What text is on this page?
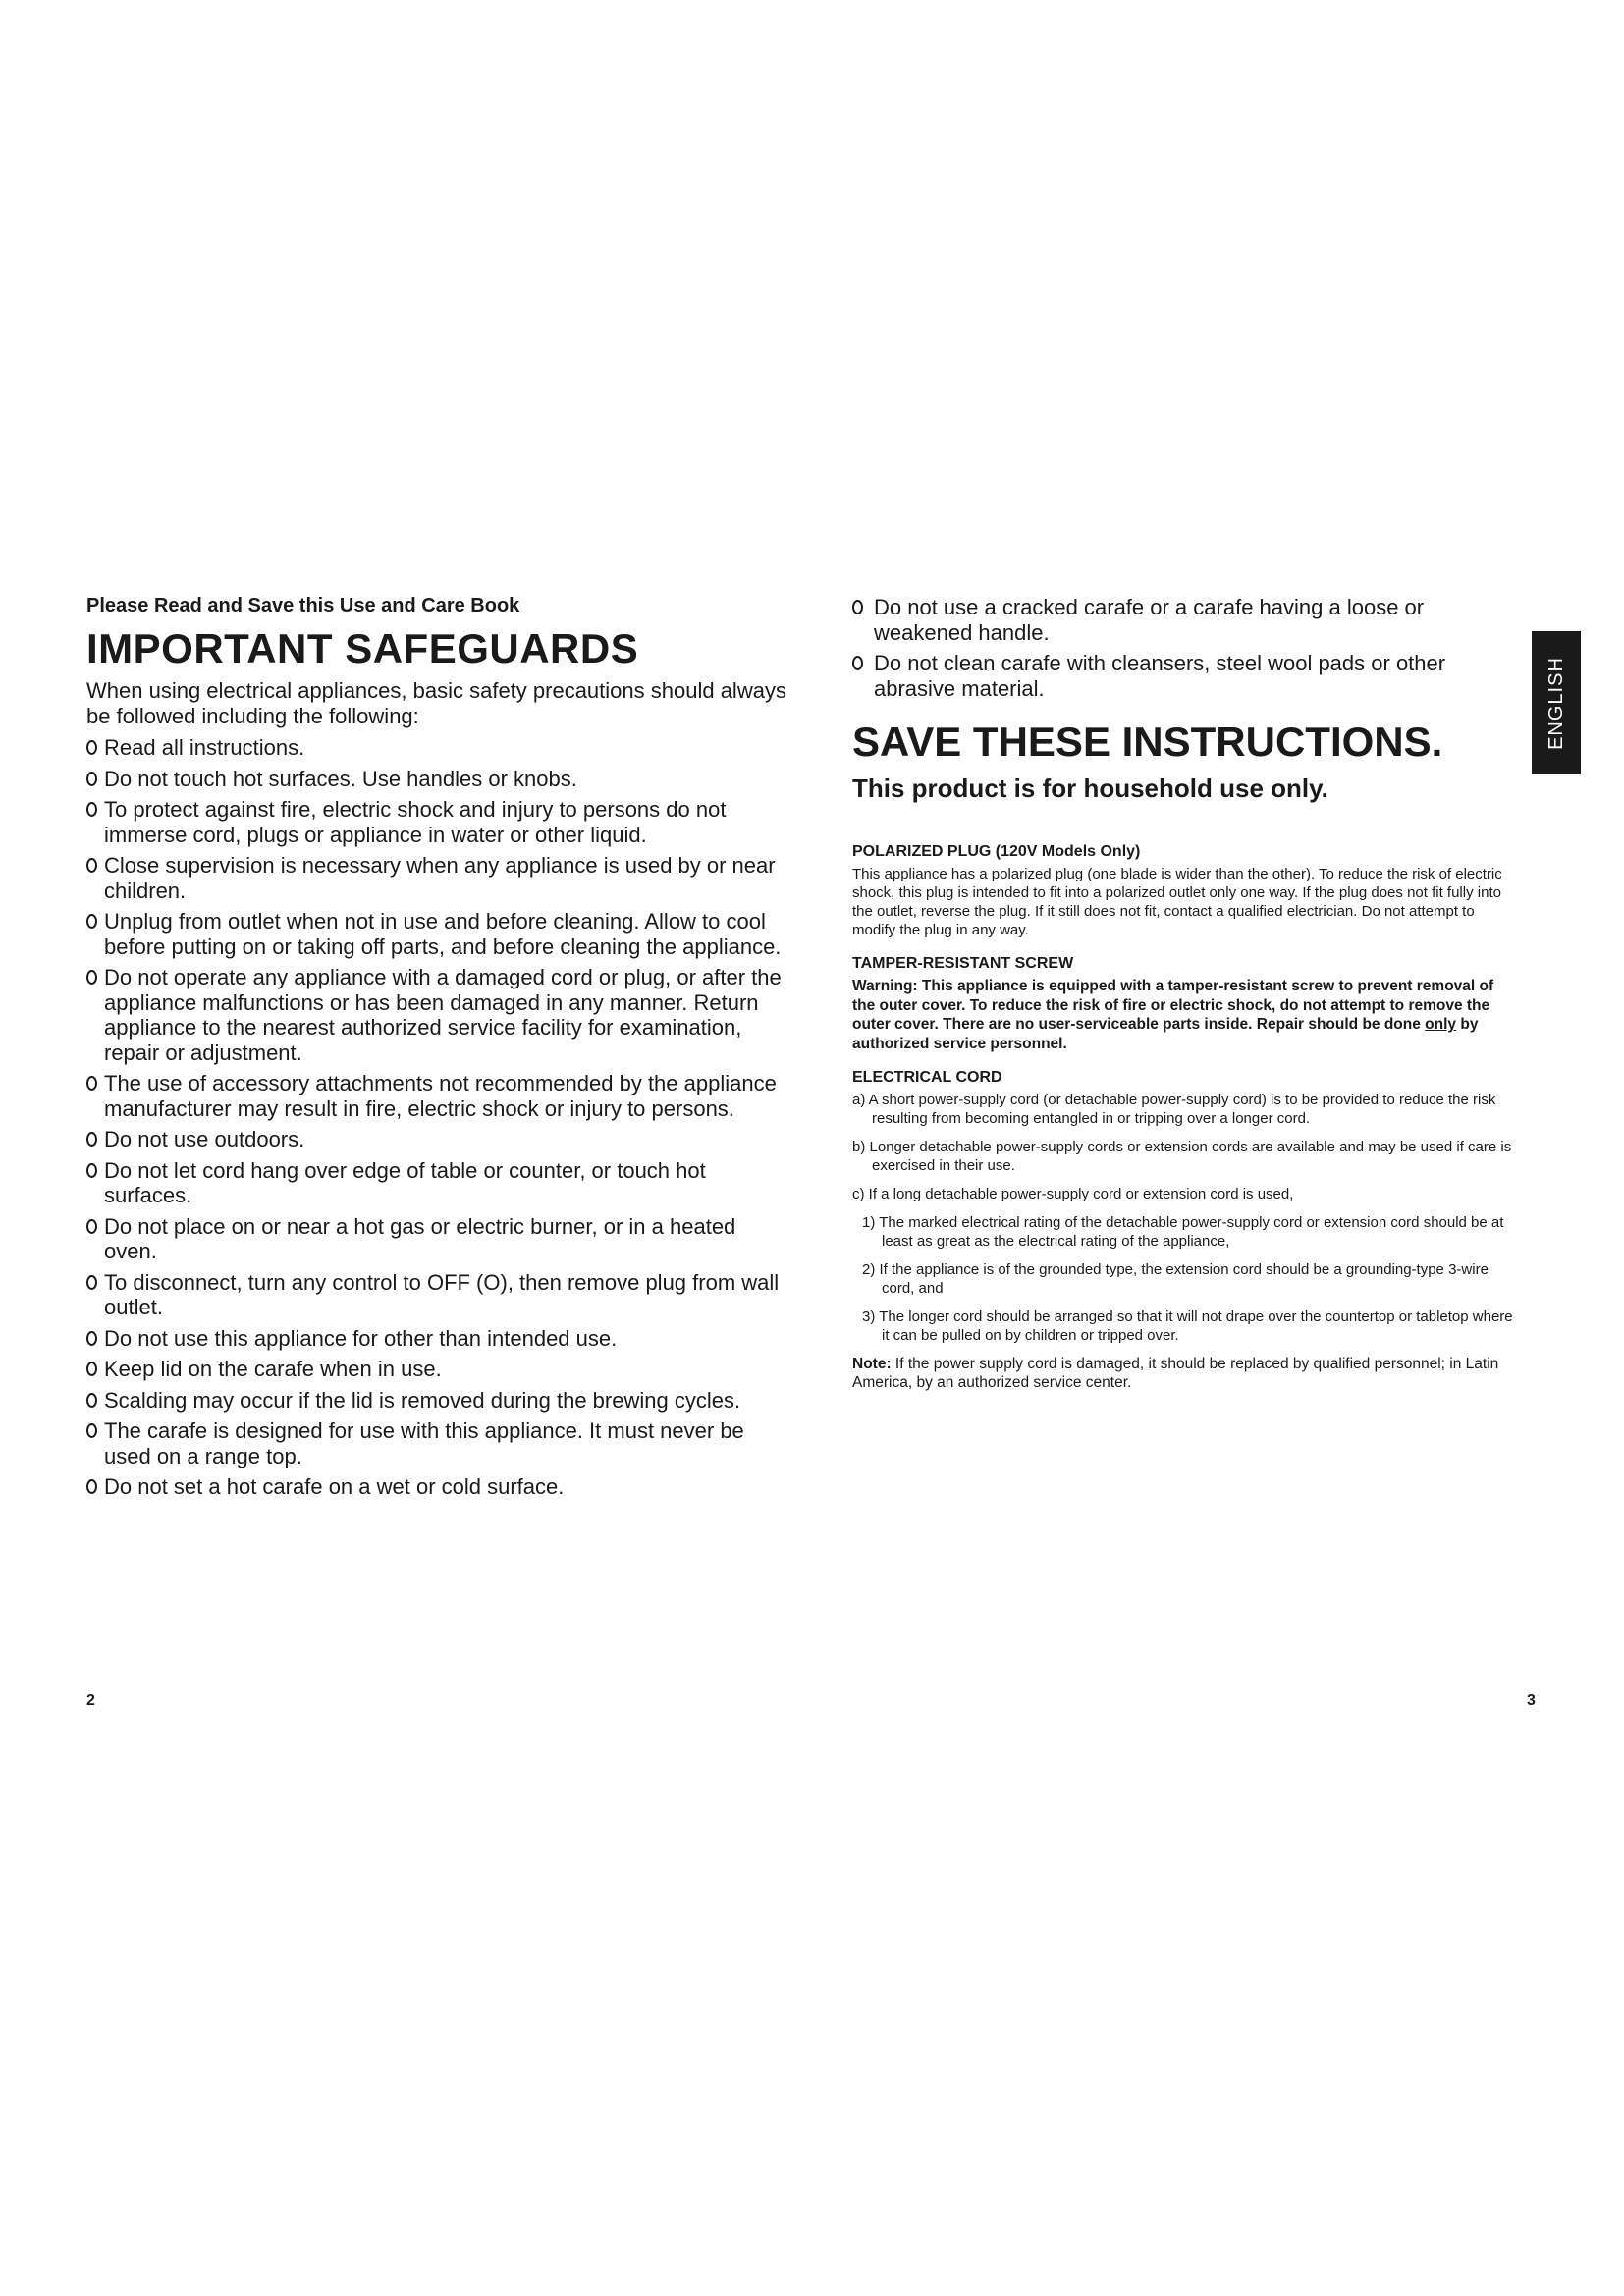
Please Read and Save this Use and Care Book
IMPORTANT SAFEGUARDS
When using electrical appliances, basic safety precautions should always be followed including the following:
Read all instructions.
Do not touch hot surfaces. Use handles or knobs.
To protect against fire, electric shock and injury to persons do not immerse cord, plugs or appliance in water or other liquid.
Close supervision is necessary when any appliance is used by or near children.
Unplug from outlet when not in use and before cleaning. Allow to cool before putting on or taking off parts, and before cleaning the appliance.
Do not operate any appliance with a damaged cord or plug, or after the appliance malfunctions or has been damaged in any manner. Return appliance to the nearest authorized service facility for examination, repair or adjustment.
The use of accessory attachments not recommended by the appliance manufacturer may result in fire, electric shock or injury to persons.
Do not use outdoors.
Do not let cord hang over edge of table or counter, or touch hot surfaces.
Do not place on or near a hot gas or electric burner, or in a heated oven.
To disconnect, turn any control to OFF (O), then remove plug from wall outlet.
Do not use this appliance for other than intended use.
Keep lid on the carafe when in use.
Scalding may occur if the lid is removed during the brewing cycles.
The carafe is designed for use with this appliance. It must never be used on a range top.
Do not set a hot carafe on a wet or cold surface.
2
Do not use a cracked carafe or a carafe having a loose or weakened handle.
Do not clean carafe with cleansers, steel wool pads or other abrasive material.
SAVE THESE INSTRUCTIONS.
This product is for household use only.
POLARIZED PLUG (120V Models Only)
This appliance has a polarized plug (one blade is wider than the other). To reduce the risk of electric shock, this plug is intended to fit into a polarized outlet only one way. If the plug does not fit fully into the outlet, reverse the plug. If it still does not fit, contact a qualified electrician. Do not attempt to modify the plug in any way.
TAMPER-RESISTANT SCREW
Warning: This appliance is equipped with a tamper-resistant screw to prevent removal of the outer cover. To reduce the risk of fire or electric shock, do not attempt to remove the outer cover. There are no user-serviceable parts inside. Repair should be done only by authorized service personnel.
ELECTRICAL CORD
a) A short power-supply cord (or detachable power-supply cord) is to be provided to reduce the risk resulting from becoming entangled in or tripping over a longer cord.
b) Longer detachable power-supply cords or extension cords are available and may be used if care is exercised in their use.
c) If a long detachable power-supply cord or extension cord is used,
1) The marked electrical rating of the detachable power-supply cord or extension cord should be at least as great as the electrical rating of the appliance,
2) If the appliance is of the grounded type, the extension cord should be a grounding-type 3-wire cord, and
3) The longer cord should be arranged so that it will not drape over the countertop or tabletop where it can be pulled on by children or tripped over.
Note: If the power supply cord is damaged, it should be replaced by qualified personnel; in Latin America, by an authorized service center.
ENGLISH
3
